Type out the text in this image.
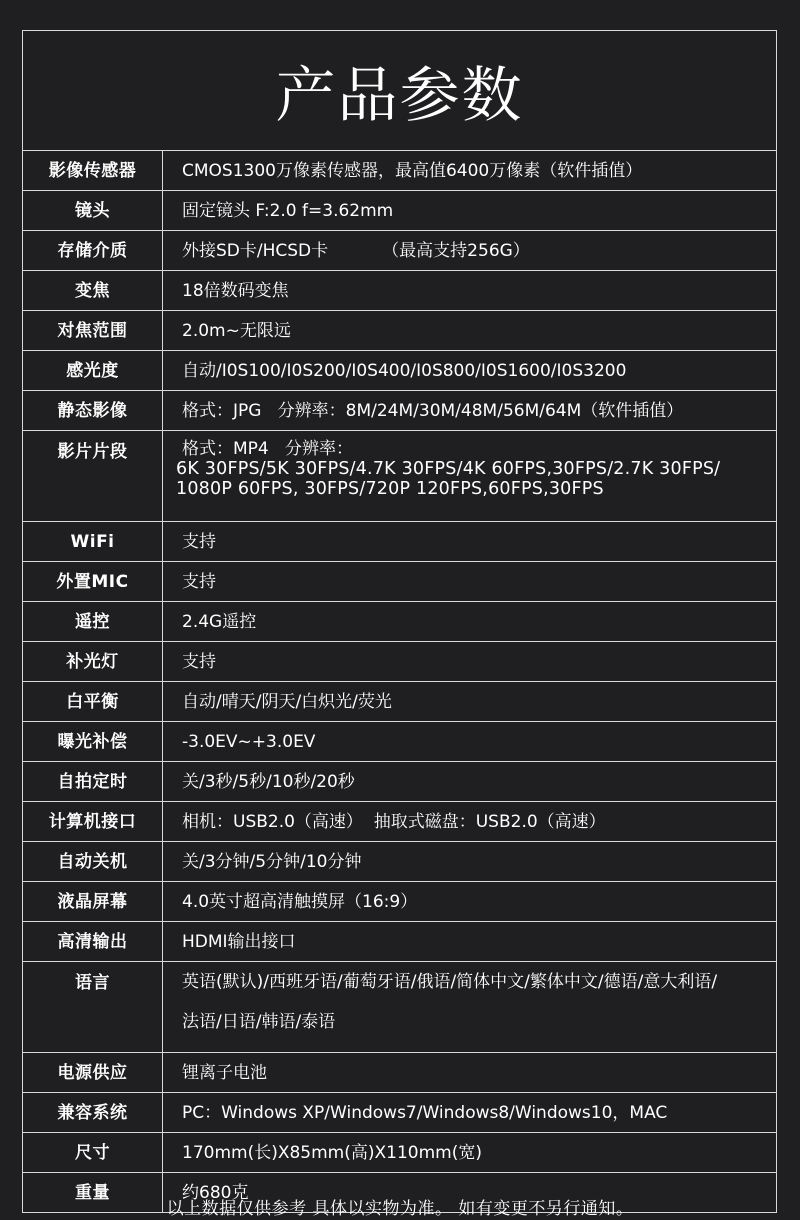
产品参数
影像传感器	CMOS1300万像素传感器，最高值6400万像素（软件插值）

镜头	固定镜头 F:2.0 f=3.62mm

存储介质	外接SD卡/HCSD卡          （最高支持256G）

变焦	18倍数码变焦

对焦范围	2.0m~无限远

感光度	自动/I0S100/I0S200/I0S400/I0S800/I0S1600/I0S3200

静态影像	格式：JPG   分辨率：8M/24M/30M/48M/56M/64M（软件插值）

影片片段	格式：MP4   分辨率：
6K 30FPS/5K 30FPS/4.7K 30FPS/4K 60FPS,30FPS/2.7K 30FPS/
1080P 60FPS, 30FPS/720P 120FPS,60FPS,30FPS

WiFi	支持

外置MIC	支持

遥控	2.4G遥控

补光灯	支持

白平衡	自动/晴天/阴天/白炽光/荧光

曝光补偿	-3.0EV~+3.0EV

自拍定时	关/3秒/5秒/10秒/20秒

计算机接口	相机：USB2.0（高速）  抽取式磁盘：USB2.0（高速）

自动关机	关/3分钟/5分钟/10分钟

液晶屏幕	4.0英寸超高清触摸屏（16:9）

高清输出	HDMI输出接口

语言	英语(默认)/西班牙语/葡萄牙语/俄语/简体中文/繁体中文/德语/意大利语/
法语/日语/韩语/泰语

电源供应	锂离子电池

兼容系统	PC：Windows XP/Windows7/Windows8/Windows10，MAC

尺寸	170mm(长)X85mm(高)X110mm(宽)

重量	约680克
以上数据仅供参考 具体以实物为准。 如有变更不另行通知。
